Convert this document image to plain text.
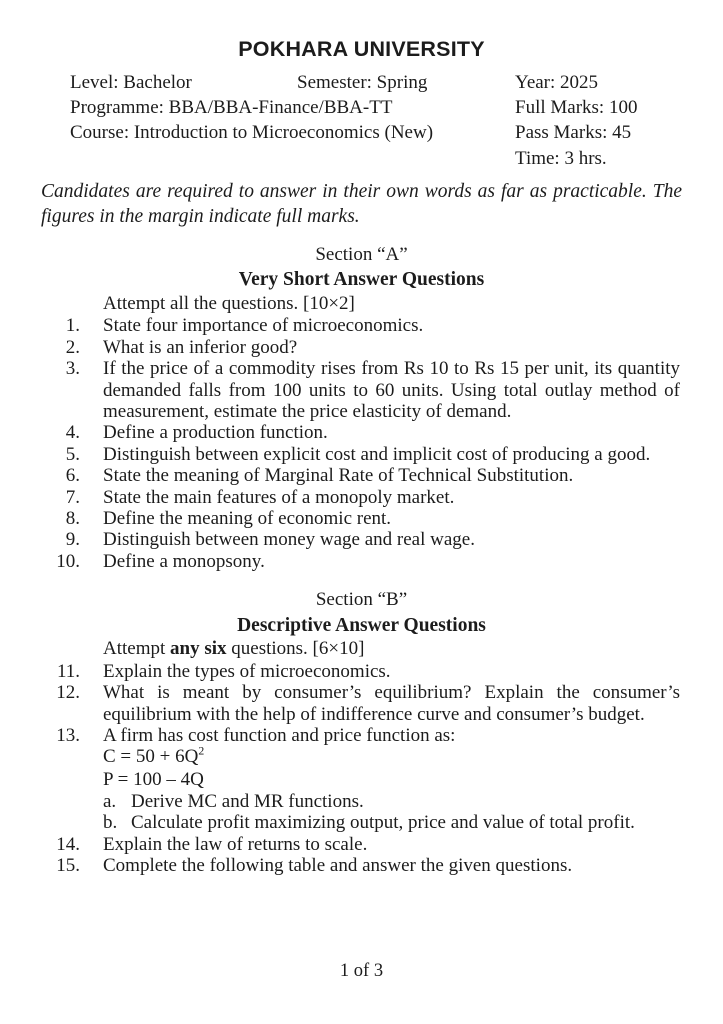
POKHARA UNIVERSITY
Level: Bachelor	Semester: Spring	Year: 2025
Programme: BBA/BBA-Finance/BBA-TT	Full Marks: 100
Course: Introduction to Microeconomics (New)	Pass Marks: 45
Time: 3 hrs.
Candidates are required to answer in their own words as far as practicable. The figures in the margin indicate full marks.
Section “A”
Very Short Answer Questions
Attempt all the questions. [10×2]
1. State four importance of microeconomics.
2. What is an inferior good?
3. If the price of a commodity rises from Rs 10 to Rs 15 per unit, its quantity demanded falls from 100 units to 60 units. Using total outlay method of measurement, estimate the price elasticity of demand.
4. Define a production function.
5. Distinguish between explicit cost and implicit cost of producing a good.
6. State the meaning of Marginal Rate of Technical Substitution.
7. State the main features of a monopoly market.
8. Define the meaning of economic rent.
9. Distinguish between money wage and real wage.
10. Define a monopsony.
Section “B”
Descriptive Answer Questions
Attempt any six questions. [6×10]
11. Explain the types of microeconomics.
12. What is meant by consumer’s equilibrium? Explain the consumer’s equilibrium with the help of indifference curve and consumer’s budget.
13. A firm has cost function and price function as:
$C = 50 + 6Q^2$
P = 100 – 4Q
a. Derive MC and MR functions.
b. Calculate profit maximizing output, price and value of total profit.
14. Explain the law of returns to scale.
15. Complete the following table and answer the given questions.
1 of 3
